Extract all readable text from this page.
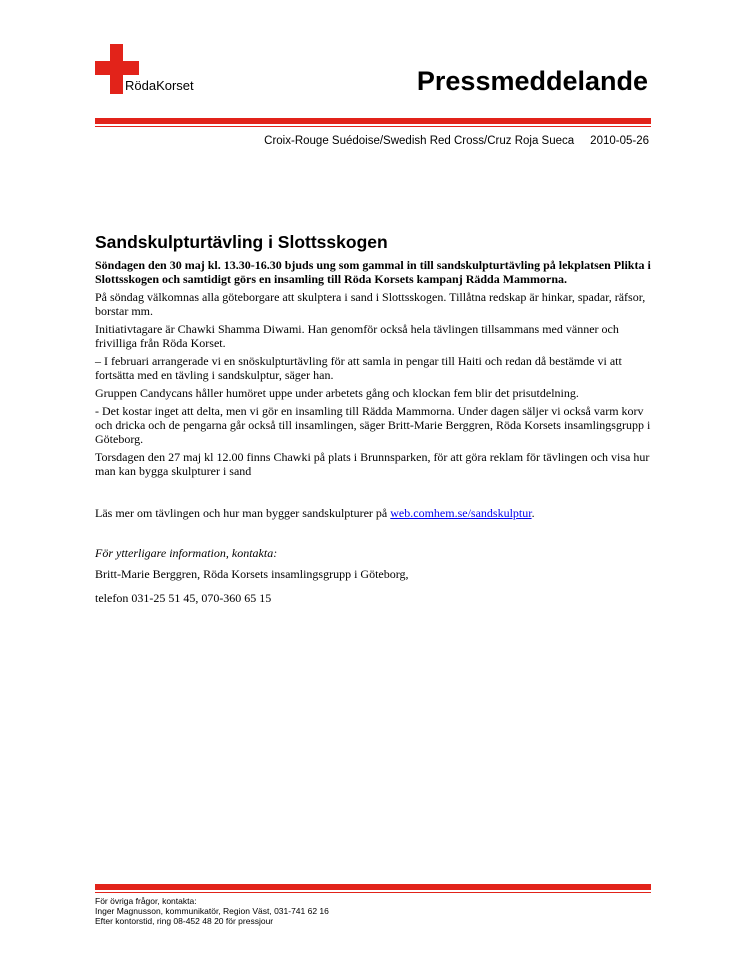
RödaKorset	Pressmeddelande
Croix-Rouge Suédoise/Swedish Red Cross/Cruz Roja Sueca 2010-05-26
Sandskulpturtävling i Slottsskogen

Söndagen den 30 maj kl. 13.30-16.30 bjuds ung som gammal in till sandskulpturtävling på lekplatsen Plikta i Slottsskogen och samtidigt görs en insamling till Röda Korsets kampanj Rädda Mammorna.

På söndag välkomnas alla göteborgare att skulptera i sand i Slottsskogen. Tillåtna redskap är hinkar, spadar, räfsor, borstar mm.

Initiativtagare är Chawki Shamma Diwami. Han genomför också hela tävlingen tillsammans med vänner och frivilliga från Röda Korset.

– I februari arrangerade vi en snöskulpturtävling för att samla in pengar till Haiti och redan då bestämde vi att fortsätta med en tävling i sandskulptur, säger han.

Gruppen Candycans håller humöret uppe under arbetets gång och klockan fem blir det prisutdelning.

- Det kostar inget att delta, men vi gör en insamling till Rädda Mammorna. Under dagen säljer vi också varm korv och dricka och de pengarna går också till insamlingen, säger Britt-Marie Berggren, Röda Korsets insamlingsgrupp i Göteborg.

Torsdagen den 27 maj kl 12.00 finns Chawki på plats i Brunnsparken, för att göra reklam för tävlingen och visa hur man kan bygga skulpturer i sand

Läs mer om tävlingen och hur man bygger sandskulpturer på web.comhem.se/sandskulptur.

För ytterligare information, kontakta:

Britt-Marie Berggren, Röda Korsets insamlingsgrupp i Göteborg,

telefon 031-25 51 45, 070-360 65 15

För övriga frågor, kontakta:
Inger Magnusson, kommunikatör, Region Väst, 031-741 62 16
Efter kontorstid, ring 08-452 48 20 för pressjour
